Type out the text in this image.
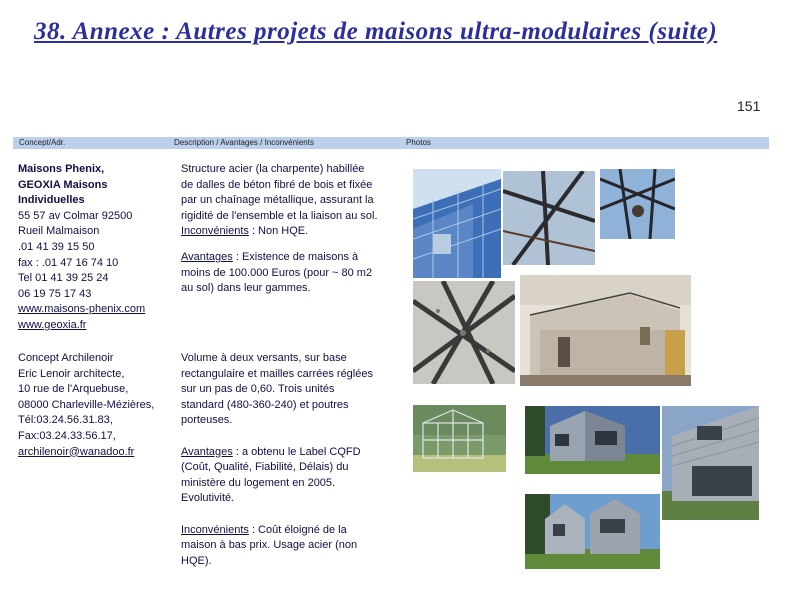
38. Annexe : Autres projets de maisons ultra-modulaires (suite)
151
Concept/Adr.	Description / Avantages / Inconvénients	Photos
Maisons Phenix,
GEOXIA Maisons
Individuelles
55 57 av Colmar 92500
Rueil Malmaison
.01 41 39 15 50
fax : .01 47 16 74 10
Tel 01 41 39 25 24
06 19 75 17 43
www.maisons-phenix.com
www.geoxia.fr
Structure acier (la charpente) habillée
de dalles de béton fibré de bois et fixée
par un chaînage métallique, assurant la
rigidité de l'ensemble et la liaison au sol.
Inconvénients : Non HQE.
Avantages : Existence de maisons à
moins de 100.000 Euros (pour ~ 80 m2
au sol) dans leur gammes.
Concept Archilenoir
Eric Lenoir architecte,
10 rue de l'Arquebuse,
08000 Charleville-Mézières,
Tél:03.24.56.31.83,
Fax:03.24.33.56.17,
archilenoir@wanadoo.fr
Volume à deux versants, sur base
rectangulaire et mailles carrées réglées
sur un pas de 0,60. Trois unités
standard (480-360-240) et poutres
porteuses.
Avantages : a obtenu le Label CQFD
(Coût, Qualité, Fiabilité, Délais) du
ministère du logement en 2005.
Evolutivité.
Inconvénients : Coût éloigné de la
maison à bas prix. Usage acier (non
HQE).
